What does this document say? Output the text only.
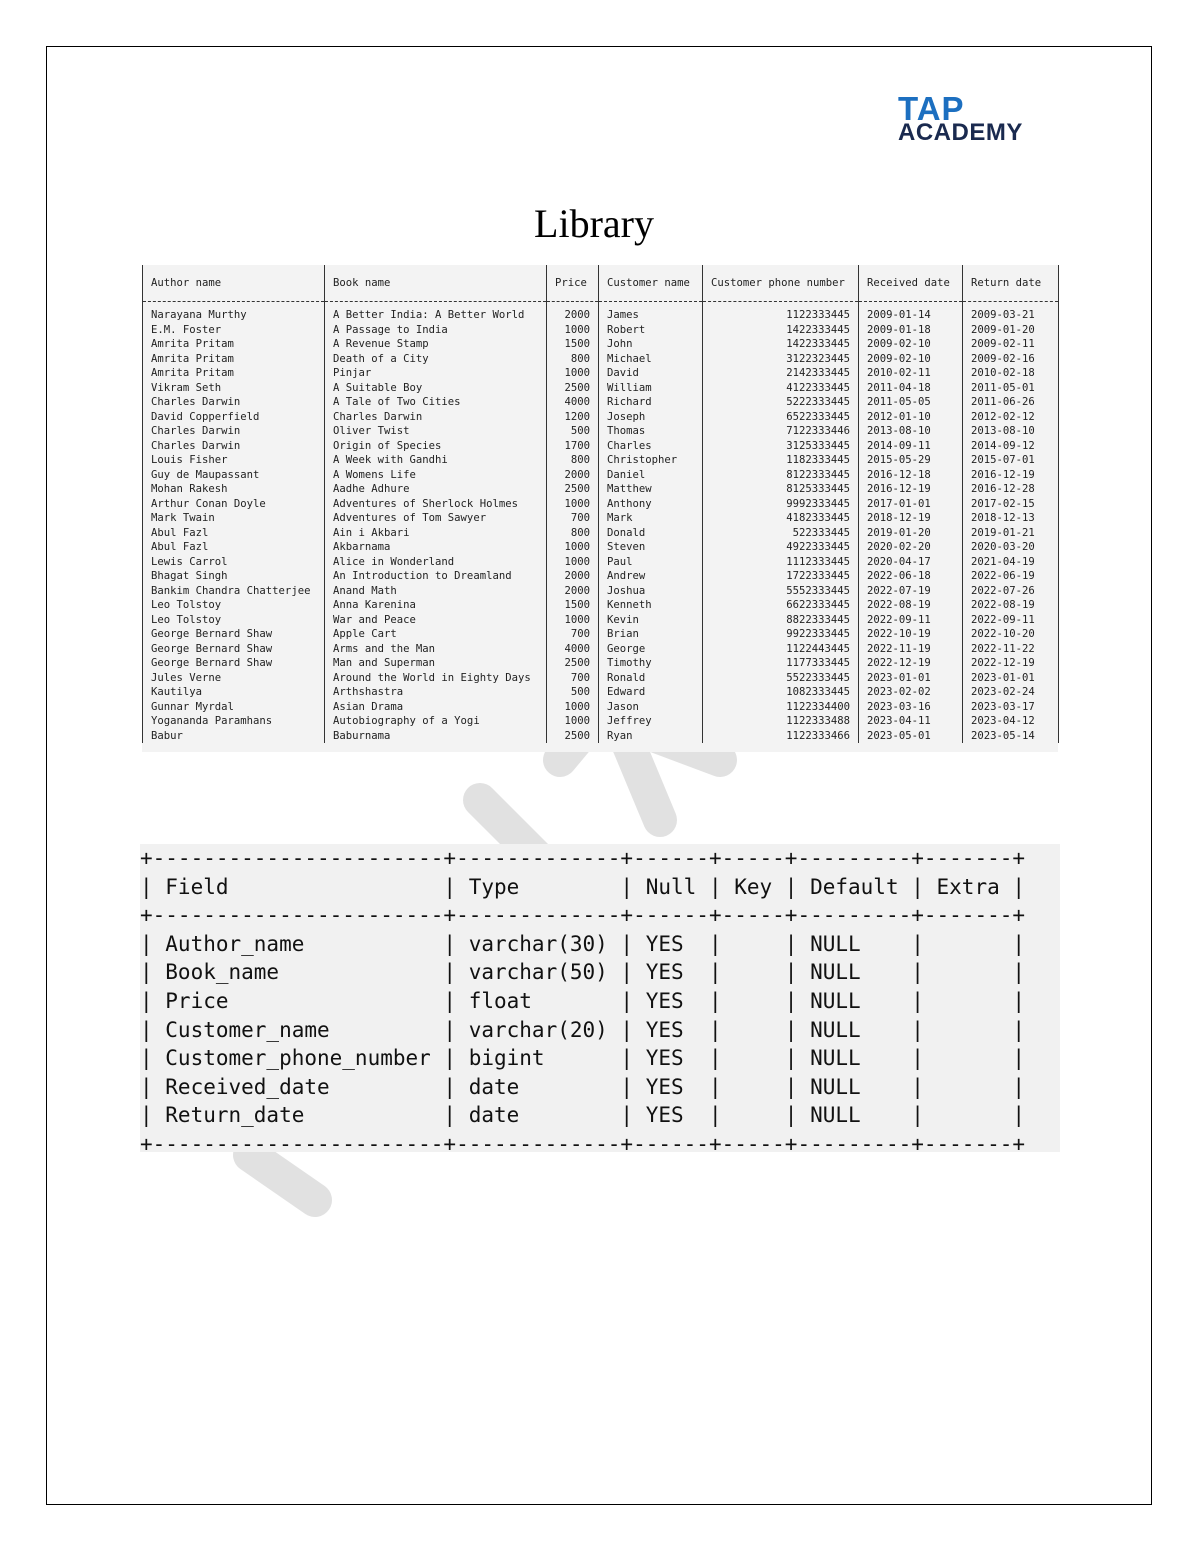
TAP
ACADEMY
Library
Author name	Book name	Price	Customer name	Customer phone number	Received date	Return date
Narayana Murthy	A Better India: A Better World	2000	James	1122333445	2009-01-14	2009-03-21
E.M. Foster	A Passage to India	1000	Robert	1422333445	2009-01-18	2009-01-20
Amrita Pritam	A Revenue Stamp	1500	John	1422333445	2009-02-10	2009-02-11
Amrita Pritam	Death of a City	800	Michael	3122323445	2009-02-10	2009-02-16
Amrita Pritam	Pinjar	1000	David	2142333445	2010-02-11	2010-02-18
Vikram Seth	A Suitable Boy	2500	William	4122333445	2011-04-18	2011-05-01
Charles Darwin	A Tale of Two Cities	4000	Richard	5222333445	2011-05-05	2011-06-26
David Copperfield	Charles Darwin	1200	Joseph	6522333445	2012-01-10	2012-02-12
Charles Darwin	Oliver Twist	500	Thomas	7122333446	2013-08-10	2013-08-10
Charles Darwin	Origin of Species	1700	Charles	3125333445	2014-09-11	2014-09-12
Louis Fisher	A Week with Gandhi	800	Christopher	1182333445	2015-05-29	2015-07-01
Guy de Maupassant	A Womens Life	2000	Daniel	8122333445	2016-12-18	2016-12-19
Mohan Rakesh	Aadhe Adhure	2500	Matthew	8125333445	2016-12-19	2016-12-28
Arthur Conan Doyle	Adventures of Sherlock Holmes	1000	Anthony	9992333445	2017-01-01	2017-02-15
Mark Twain	Adventures of Tom Sawyer	700	Mark	4182333445	2018-12-19	2018-12-13
Abul Fazl	Ain i Akbari	800	Donald	522333445	2019-01-20	2019-01-21
Abul Fazl	Akbarnama	1000	Steven	4922333445	2020-02-20	2020-03-20
Lewis Carrol	Alice in Wonderland	1000	Paul	1112333445	2020-04-17	2021-04-19
Bhagat Singh	An Introduction to Dreamland	2000	Andrew	1722333445	2022-06-18	2022-06-19
Bankim Chandra Chatterjee	Anand Math	2000	Joshua	5552333445	2022-07-19	2022-07-26
Leo Tolstoy	Anna Karenina	1500	Kenneth	6622333445	2022-08-19	2022-08-19
Leo Tolstoy	War and Peace	1000	Kevin	8822333445	2022-09-11	2022-09-11
George Bernard Shaw	Apple Cart	700	Brian	9922333445	2022-10-19	2022-10-20
George Bernard Shaw	Arms and the Man	4000	George	1122443445	2022-11-19	2022-11-22
George Bernard Shaw	Man and Superman	2500	Timothy	1177333445	2022-12-19	2022-12-19
Jules Verne	Around the World in Eighty Days	700	Ronald	5522333445	2023-01-01	2023-01-01
Kautilya	Arthshastra	500	Edward	1082333445	2023-02-02	2023-02-24
Gunnar Myrdal	Asian Drama	1000	Jason	1122334400	2023-03-16	2023-03-17
Yogananda Paramhans	Autobiography of a Yogi	1000	Jeffrey	1122333488	2023-04-11	2023-04-12
Babur	Baburnama	2500	Ryan	1122333466	2023-05-01	2023-05-14
+-----------------------+-------------+------+-----+---------+-------+
| Field                 | Type        | Null | Key | Default | Extra |
+-----------------------+-------------+------+-----+---------+-------+
| Author_name           | varchar(30) | YES  |     | NULL    |       |
| Book_name             | varchar(50) | YES  |     | NULL    |       |
| Price                 | float       | YES  |     | NULL    |       |
| Customer_name         | varchar(20) | YES  |     | NULL    |       |
| Customer_phone_number | bigint      | YES  |     | NULL    |       |
| Received_date         | date        | YES  |     | NULL    |       |
| Return_date           | date        | YES  |     | NULL    |       |
+-----------------------+-------------+------+-----+---------+-------+
